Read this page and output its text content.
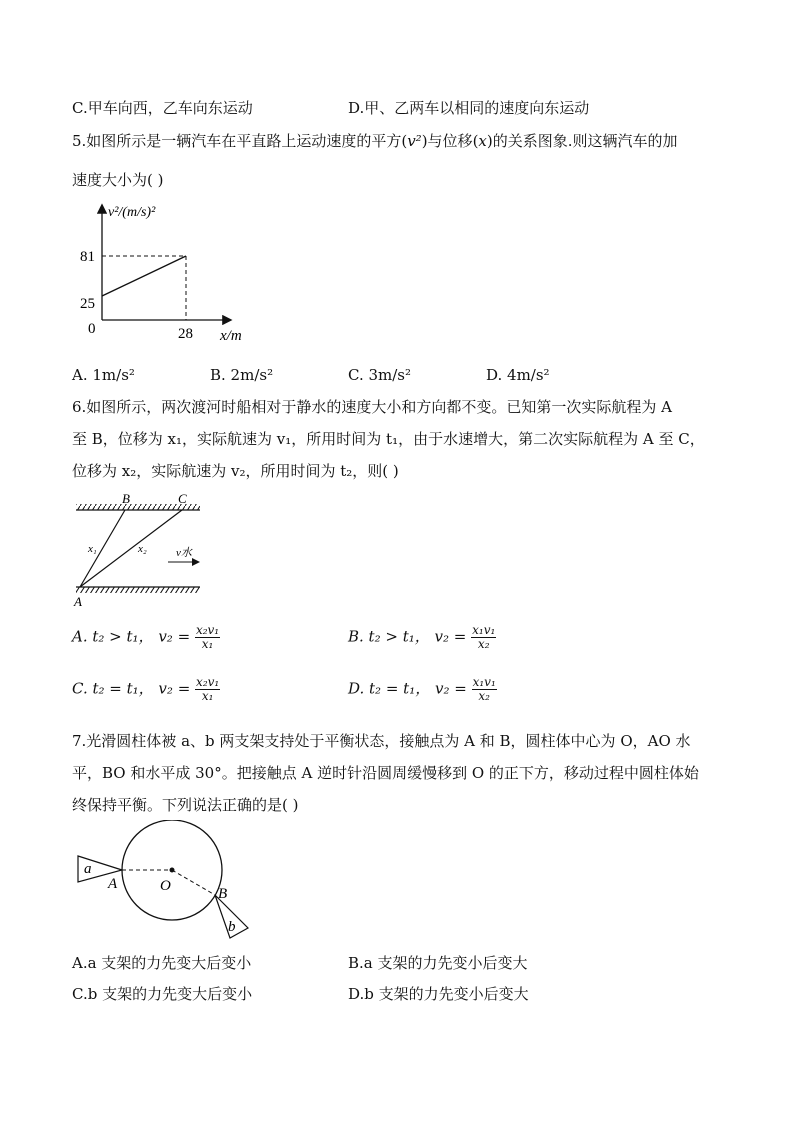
C.甲车向西，乙车向东运动	D.甲、乙两车以相同的速度向东运动
5.如图所示是一辆汽车在平直路上运动速度的平方(v²)与位移(x)的关系图象.则这辆汽车的加
速度大小为( )
v²/(m/s)²
81
25
0	28 x/m
A. 1m/s²	B. 2m/s²	C. 3m/s²	D. 4m/s²
6.如图所示，两次渡河时船相对于静水的速度大小和方向都不变。已知第一次实际航程为 A
至 B，位移为 x₁，实际航速为 v₁，所用时间为 t₁，由于水速增大，第二次实际航程为 A 至 C，
位移为 x₂，实际航速为 v₂，所用时间为 t₂，则( )
A
B	C
x₁	x₂	v水
A. t₂ > t₁， $v_2 = \frac{\text{x₂v₁}}{\text{x₁}}$	B. t₂ > t₁， $v_2 = \frac{\text{x₁v₁}}{\text{x₂}}$
C. t₂ = t₁， $v_2 = \frac{\text{x₂v₁}}{\text{x₁}}$	D. t₂ = t₁， $v_2 = \frac{\text{x₁v₁}}{\text{x₂}}$
7.光滑圆柱体被 a、b 两支架支持处于平衡状态，接触点为 A 和 B，圆柱体中心为 O，AO 水
平，BO 和水平成 30°。把接触点 A 逆时针沿圆周缓慢移到 O 的正下方，移动过程中圆柱体始
终保持平衡。下列说法正确的是( )
a
b
A
B
O
A.a 支架的力先变大后变小	B.a 支架的力先变小后变大
C.b 支架的力先变大后变小	D.b 支架的力先变小后变大
